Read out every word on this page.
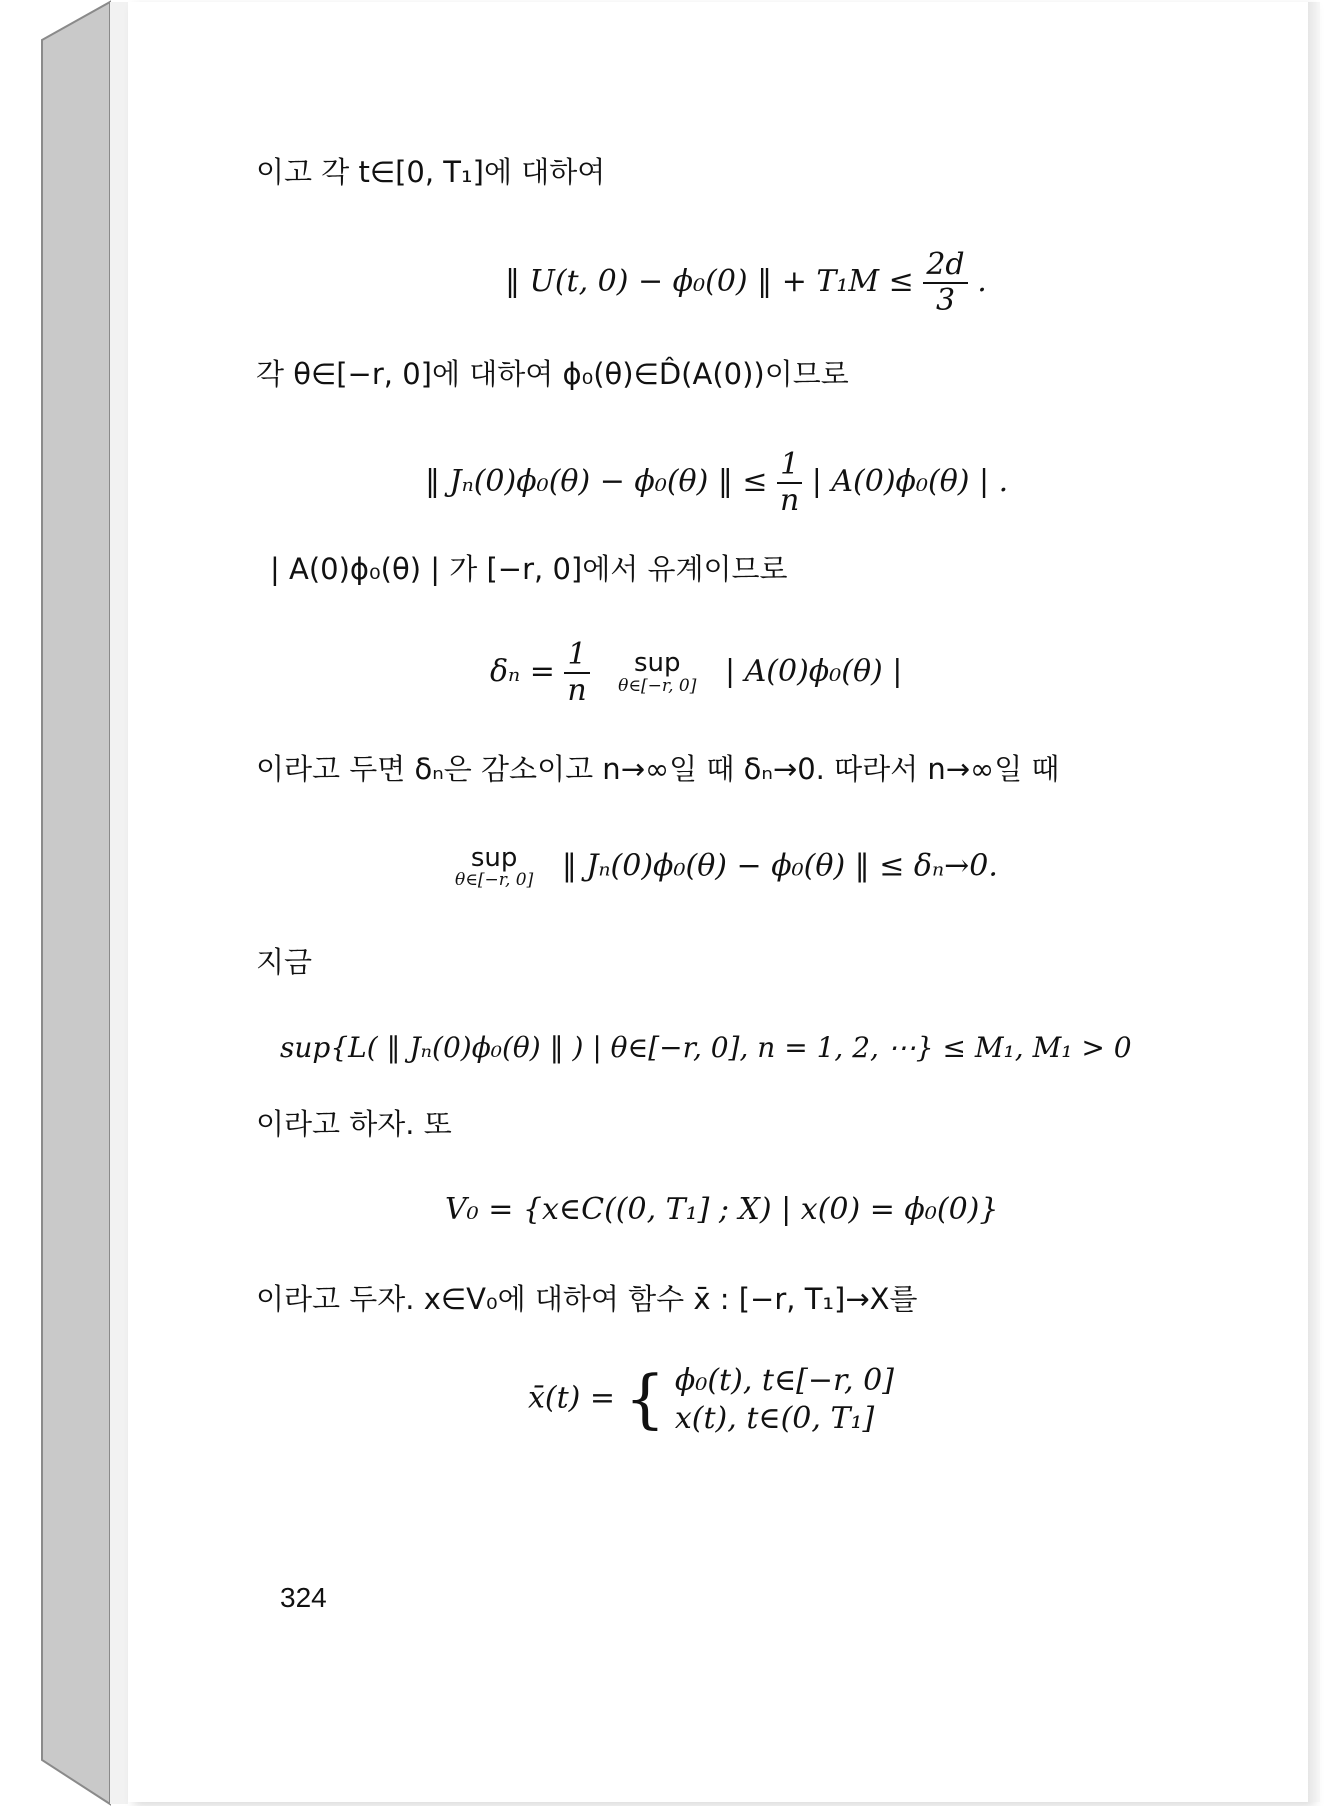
이고 각 t∈[0, T₁]에 대하여
‖ U(t, 0) − ϕ₀(0) ‖ + $T_1M \le \frac{2d}{3}$ .
각 θ∈[−r, 0]에 대하여 ϕ₀(θ)∈D̂(A(0))이므로
‖ Jₙ(0)ϕ₀(θ) − ϕ₀(θ) ‖ ≤ $\frac{1}{n}$ | A(0)ϕ₀(θ) | .
| A(0)ϕ₀(θ) | 가 [−r, 0]에서 유계이므로
$\delta_n = \frac{1}{n}$
	sup
θ∈[−r, 0] | A(0)ϕ₀(θ) |
이라고 두면 δₙ은 감소이고 n→∞일 때 δₙ→0. 따라서 n→∞일 때
sup
θ∈[−r, 0] ‖ Jₙ(0)ϕ₀(θ) − ϕ₀(θ) ‖ ≤ δₙ→0.
지금
sup{L( ‖ Jₙ(0)ϕ₀(θ) ‖ ) | θ∈[−r, 0], n = 1, 2, ⋯} ≤ M₁, M₁ > 0
이라고 하자. 또
V₀ = {x∈C((0, T₁] ; X) | x(0) = ϕ₀(0)}
이라고 두자. x∈V₀에 대하여 함수 x̄ : [−r, T₁]→X를
x̄(t) = { ϕ₀(t), t∈[−r, 0]
x(t), t∈(0, T₁]
324
